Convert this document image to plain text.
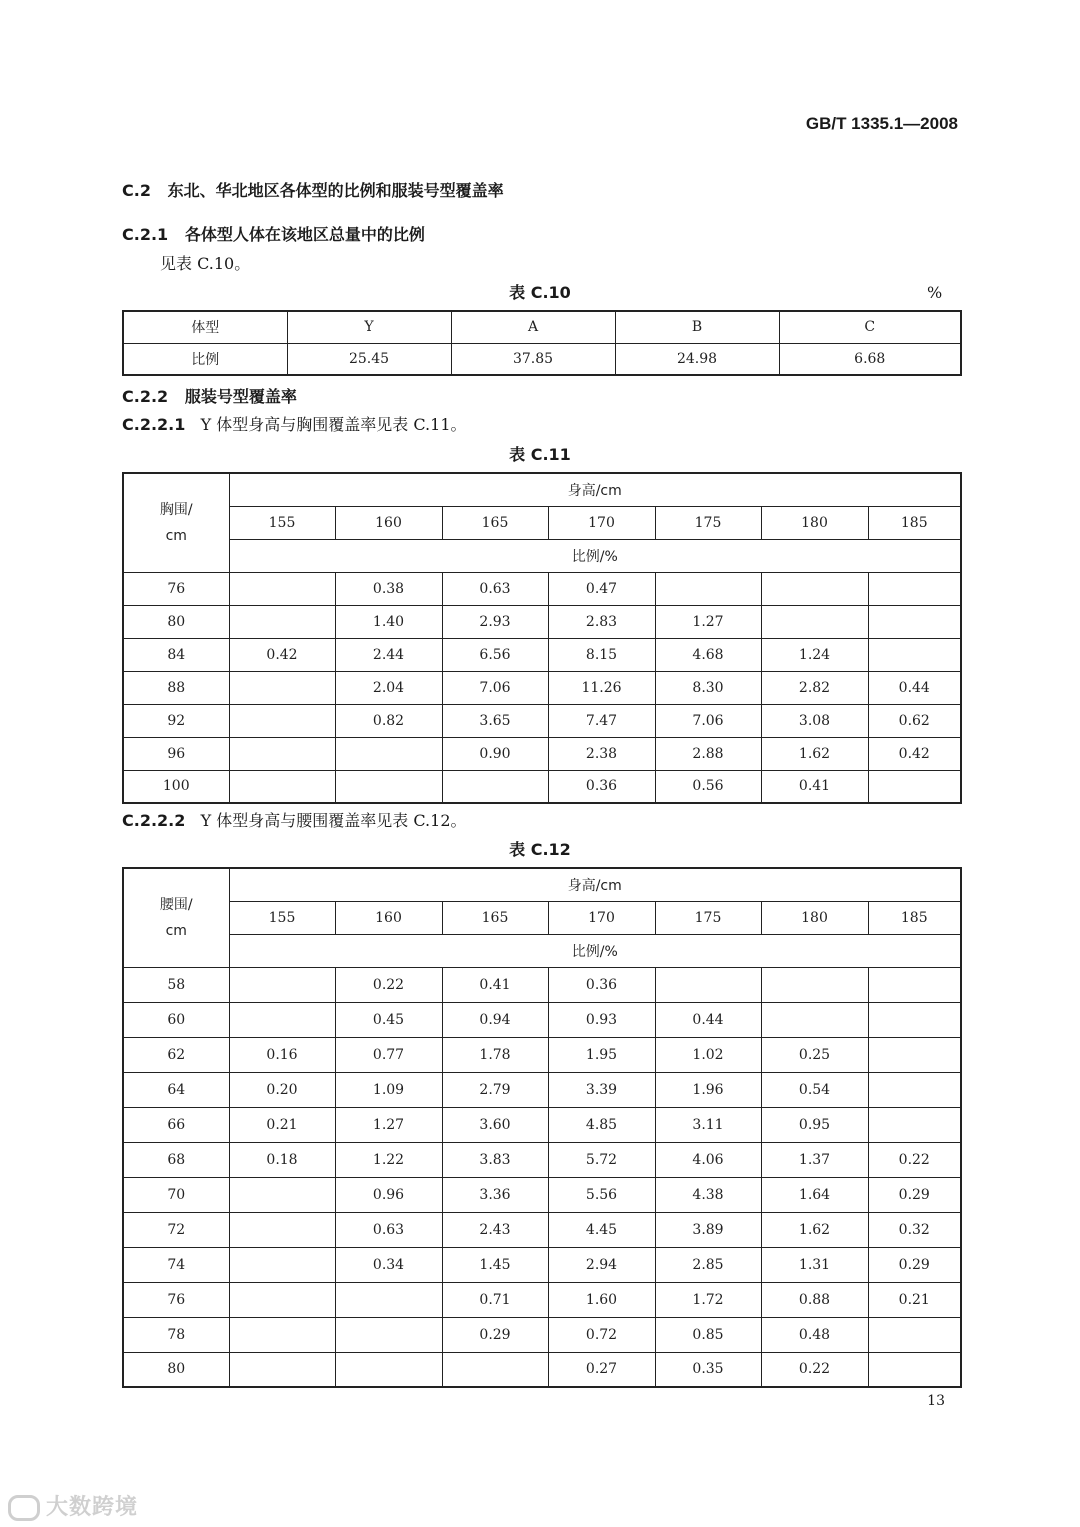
GB/T 1335.1—2008
C.2 东北、华北地区各体型的比例和服装号型覆盖率
C.2.1 各体型人体在该地区总量中的比例
见表 C.10。
表 C.10	%
体型	Y	A	B	C
比例	25.45	37.85	24.98	6.68
C.2.2 服装号型覆盖率
C.2.2.1 Y 体型身高与胸围覆盖率见表 C.11。
表 C.11
胸围/
cm	身高/cm						
	155	160	165	170	175	180	185
	比例/%						
76		0.38	0.63	0.47			
80		1.40	2.93	2.83	1.27		
84	0.42	2.44	6.56	8.15	4.68	1.24	
88		2.04	7.06	11.26	8.30	2.82	0.44
92		0.82	3.65	7.47	7.06	3.08	0.62
96			0.90	2.38	2.88	1.62	0.42
100				0.36	0.56	0.41	
C.2.2.2 Y 体型身高与腰围覆盖率见表 C.12。
表 C.12
腰围/
cm	身高/cm						
	155	160	165	170	175	180	185
	比例/%						
58		0.22	0.41	0.36			
60		0.45	0.94	0.93	0.44		
62	0.16	0.77	1.78	1.95	1.02	0.25	
64	0.20	1.09	2.79	3.39	1.96	0.54	
66	0.21	1.27	3.60	4.85	3.11	0.95	
68	0.18	1.22	3.83	5.72	4.06	1.37	0.22
70		0.96	3.36	5.56	4.38	1.64	0.29
72		0.63	2.43	4.45	3.89	1.62	0.32
74		0.34	1.45	2.94	2.85	1.31	0.29
76			0.71	1.60	1.72	0.88	0.21
78			0.29	0.72	0.85	0.48	
80				0.27	0.35	0.22	
13
大数跨境
